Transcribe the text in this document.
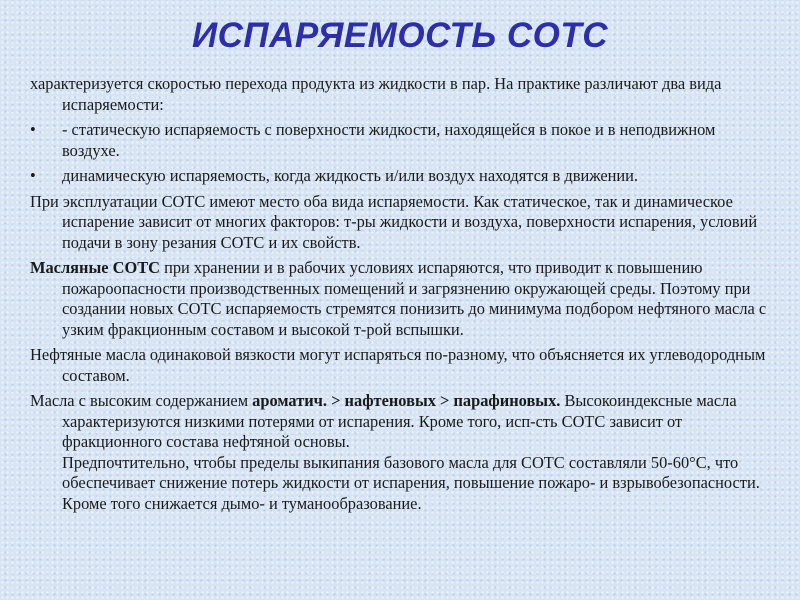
ИСПАРЯЕМОСТЬ СОТС

характеризуется скоростью перехода продукта из жидкости в пар. На практике различают два вида испаряемости:

• - статическую испаряемость с поверхности жидкости, находящейся в покое и в неподвижном воздухе.
• динамическую испаряемость, когда жидкость и/или воздух находятся в движении.

При эксплуатации СОТС имеют место оба вида испаряемости. Как статическое, так и динамическое испарение зависит от многих факторов: т-ры жидкости и воздуха, поверхности испарения, условий подачи в зону резания СОТС и их свойств.

Масляные СОТС при хранении и в рабочих условиях испаряются, что приводит к повышению пожароопасности производственных помещений и загрязнению окружающей среды. Поэтому при создании новых СОТС испаряемость стремятся понизить до минимума подбором нефтяного масла с узким фракционным составом и высокой т-рой вспышки.

Нефтяные масла одинаковой вязкости могут испаряться по-разному, что объясняется их углеводородным составом.

Масла с высоким содержанием ароматич. > нафтеновых > парафиновых. Высокоиндексные масла характеризуются низкими потерями от испарения. Кроме того, исп-сть СОТС зависит от фракционного состава нефтяной основы.

Предпочтительно, чтобы пределы выкипания базового масла для СОТС составляли 50-60°С, что обеспечивает снижение потерь жидкости от испарения, повышение пожаро- и взрывобезопасности. Кроме того снижается дымо- и туманообразование.
